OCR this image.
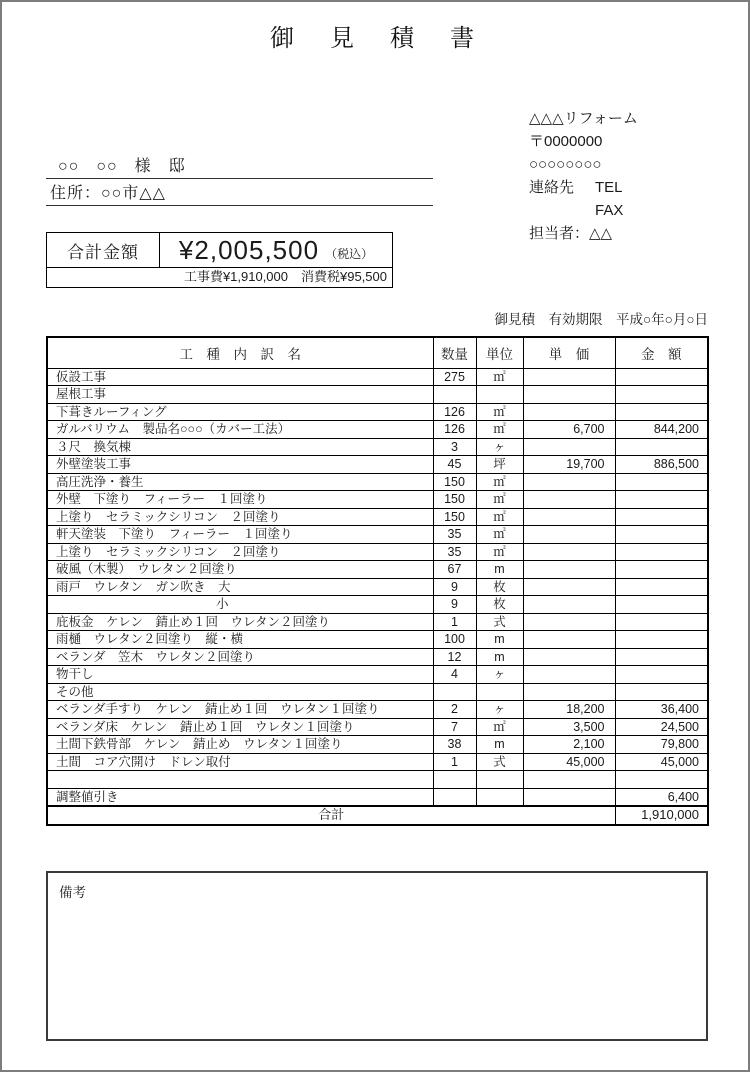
御　見　積　書
△△△リフォーム
〒0000000
○○○○○○○○
連絡先	TEL
FAX
担当者：△△
○○　○○　様　邸
住所：○○市△△
合計金額	¥2,005,500 （税込）
工事費¥1,910,000　消費税¥95,500
御見積　有効期限　平成○年○月○日
工　種　内　訳　名	数量	単位	単　価	金　額
仮設工事	275	㎡		
屋根工事				
下葺きルーフィング	126	㎡		
ガルバリウム　製品名○○○（カバー工法）	126	㎡	6,700	844,200
３尺　換気棟	3	ヶ		
外壁塗装工事	45	坪	19,700	886,500
高圧洗浄・養生	150	㎡		
外壁　下塗り　フィーラー　１回塗り	150	㎡		
上塗り　セラミックシリコン　２回塗り	150	㎡		
軒天塗装　下塗り　フィーラー　１回塗り	35	㎡		
上塗り　セラミックシリコン　２回塗り	35	㎡		
破風（木製）　ウレタン２回塗り	67	m		
雨戸　ウレタン　ガン吹き　大	9	枚		
小	9	枚		
庇板金　ケレン　錆止め１回　ウレタン２回塗り	1	式		
雨樋　ウレタン２回塗り　縦・横	100	m		
ベランダ　笠木　ウレタン２回塗り	12	m		
物干し	4	ヶ		
その他				
ベランダ手すり　ケレン　錆止め１回　ウレタン１回塗り	2	ヶ	18,200	36,400
ベランダ床　ケレン　錆止め１回　ウレタン１回塗り	7	㎡	3,500	24,500
土間下鉄骨部　ケレン　錆止め　ウレタン１回塗り	38	m	2,100	79,800
土間　コア穴開け　ドレン取付	1	式	45,000	45,000

調整値引き				6,400
合計				1,910,000
備考
